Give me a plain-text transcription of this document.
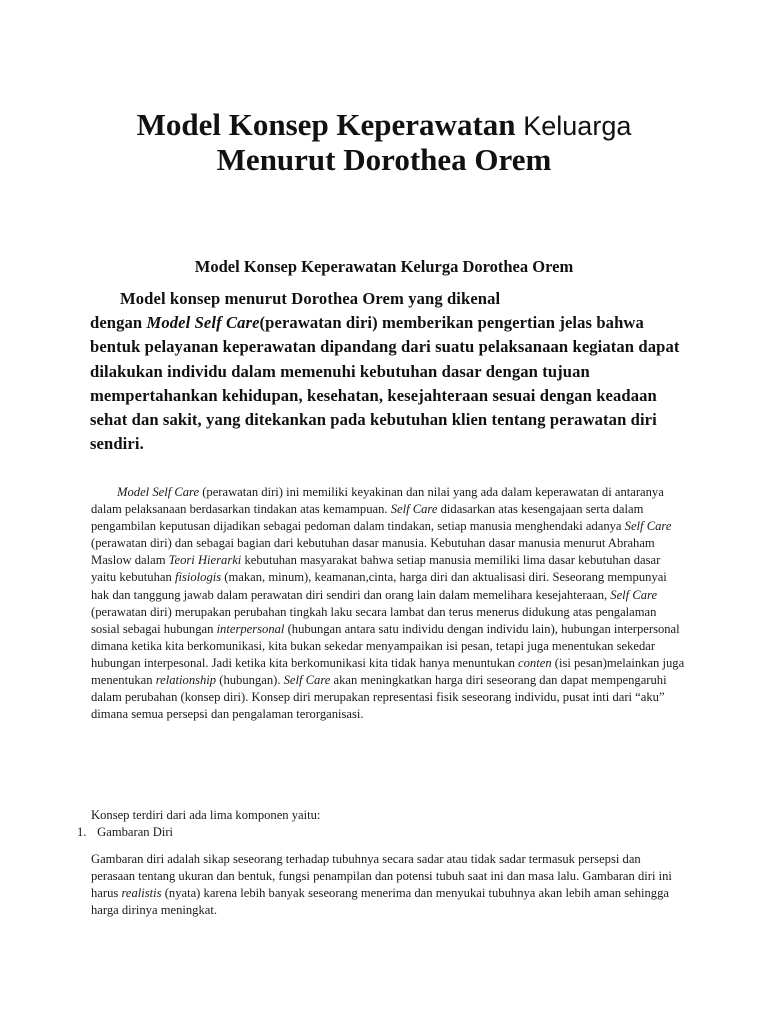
Model Konsep Keperawatan Keluarga
Menurut Dorothea Orem
Model Konsep Keperawatan Kelurga Dorothea Orem

Model konsep menurut Dorothea Orem yang dikenal
dengan Model Self Care(perawatan diri) memberikan pengertian jelas bahwa bentuk pelayanan keperawatan dipandang dari suatu pelaksanaan kegiatan dapat dilakukan individu dalam memenuhi kebutuhan dasar dengan tujuan mempertahankan kehidupan, kesehatan, kesejahteraan sesuai dengan keadaan sehat dan sakit, yang ditekankan pada kebutuhan klien tentang perawatan diri sendiri.

Model Self Care (perawatan diri) ini memiliki keyakinan dan nilai yang ada dalam keperawatan di antaranya dalam pelaksanaan berdasarkan tindakan atas kemampuan. Self Care didasarkan atas kesengajaan serta dalam pengambilan keputusan dijadikan sebagai pedoman dalam tindakan, setiap manusia menghendaki adanya Self Care (perawatan diri) dan sebagai bagian dari kebutuhan dasar manusia. Kebutuhan dasar manusia menurut Abraham Maslow dalam Teori Hierarki kebutuhan masyarakat bahwa setiap manusia memiliki lima dasar kebutuhan dasar yaitu kebutuhan fisiologis (makan, minum), keamanan,cinta, harga diri dan aktualisasi diri. Seseorang mempunyai hak dan tanggung jawab dalam perawatan diri sendiri dan orang lain dalam memelihara kesejahteraan, Self Care (perawatan diri) merupakan perubahan tingkah laku secara lambat dan terus menerus didukung atas pengalaman sosial sebagai hubungan interpersonal (hubungan antara satu individu dengan individu lain), hubungan interpersonal dimana ketika kita berkomunikasi, kita bukan sekedar menyampaikan isi pesan, tetapi juga menentukan sekedar hubungan interpesonal. Jadi ketika kita berkomunikasi kita tidak hanya menuntukan conten (isi pesan)melainkan juga menentukan relationship (hubungan). Self Care akan meningkatkan harga diri seseorang dan dapat mempengaruhi dalam perubahan (konsep diri). Konsep diri merupakan representasi fisik seseorang individu, pusat inti dari “aku” dimana semua persepsi dan pengalaman terorganisasi.

Konsep terdiri dari ada lima komponen yaitu:

1. Gambaran Diri

Gambaran diri adalah sikap seseorang terhadap tubuhnya secara sadar atau tidak sadar termasuk persepsi dan perasaan tentang ukuran dan bentuk, fungsi penampilan dan potensi tubuh saat ini dan masa lalu. Gambaran diri ini harus realistis (nyata) karena lebih banyak seseorang menerima dan menyukai tubuhnya akan lebih aman sehingga harga dirinya meningkat.
